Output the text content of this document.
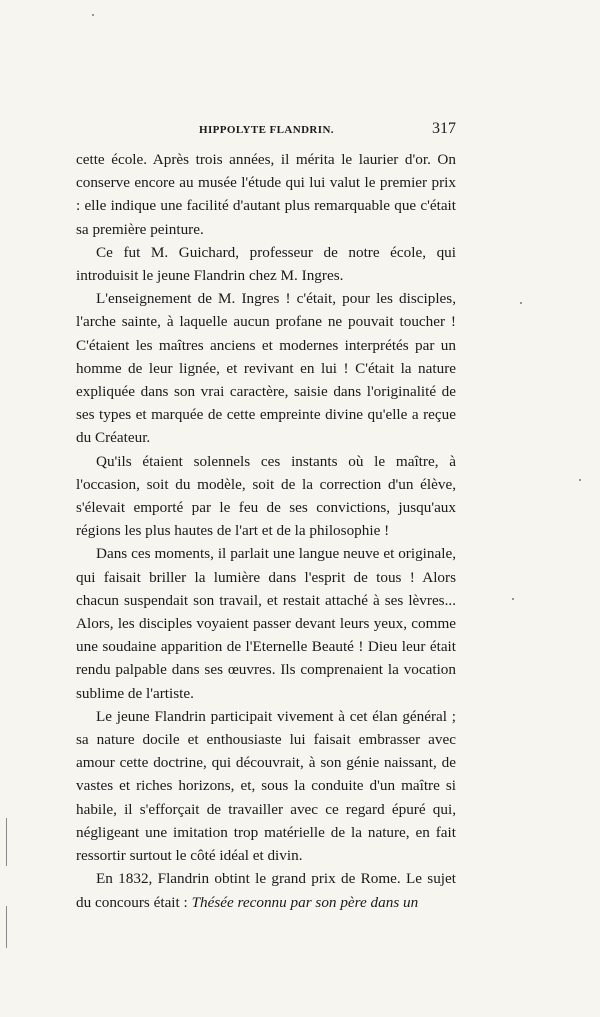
HIPPOLYTE FLANDRIN.	317

cette école. Après trois années, il mérita le laurier d'or. On conserve encore au musée l'étude qui lui valut le premier prix : elle indique une facilité d'autant plus remarquable que c'était sa première peinture.

Ce fut M. Guichard, professeur de notre école, qui introduisit le jeune Flandrin chez M. Ingres.

L'enseignement de M. Ingres ! c'était, pour les disciples, l'arche sainte, à laquelle aucun profane ne pouvait toucher ! C'étaient les maîtres anciens et modernes interprétés par un homme de leur lignée, et revivant en lui ! C'était la nature expliquée dans son vrai caractère, saisie dans l'originalité de ses types et marquée de cette empreinte divine qu'elle a reçue du Créateur.

Qu'ils étaient solennels ces instants où le maître, à l'occasion, soit du modèle, soit de la correction d'un élève, s'élevait emporté par le feu de ses convictions, jusqu'aux régions les plus hautes de l'art et de la philosophie !

Dans ces moments, il parlait une langue neuve et originale, qui faisait briller la lumière dans l'esprit de tous ! Alors chacun suspendait son travail, et restait attaché à ses lèvres... Alors, les disciples voyaient passer devant leurs yeux, comme une soudaine apparition de l'Eternelle Beauté ! Dieu leur était rendu palpable dans ses œuvres. Ils comprenaient la vocation sublime de l'artiste.

Le jeune Flandrin participait vivement à cet élan général ; sa nature docile et enthousiaste lui faisait embrasser avec amour cette doctrine, qui découvrait, à son génie naissant, de vastes et riches horizons, et, sous la conduite d'un maître si habile, il s'efforçait de travailler avec ce regard épuré qui, négligeant une imitation trop matérielle de la nature, en fait ressortir surtout le côté idéal et divin.

En 1832, Flandrin obtint le grand prix de Rome. Le sujet du concours était : Thésée reconnu par son père dans un
